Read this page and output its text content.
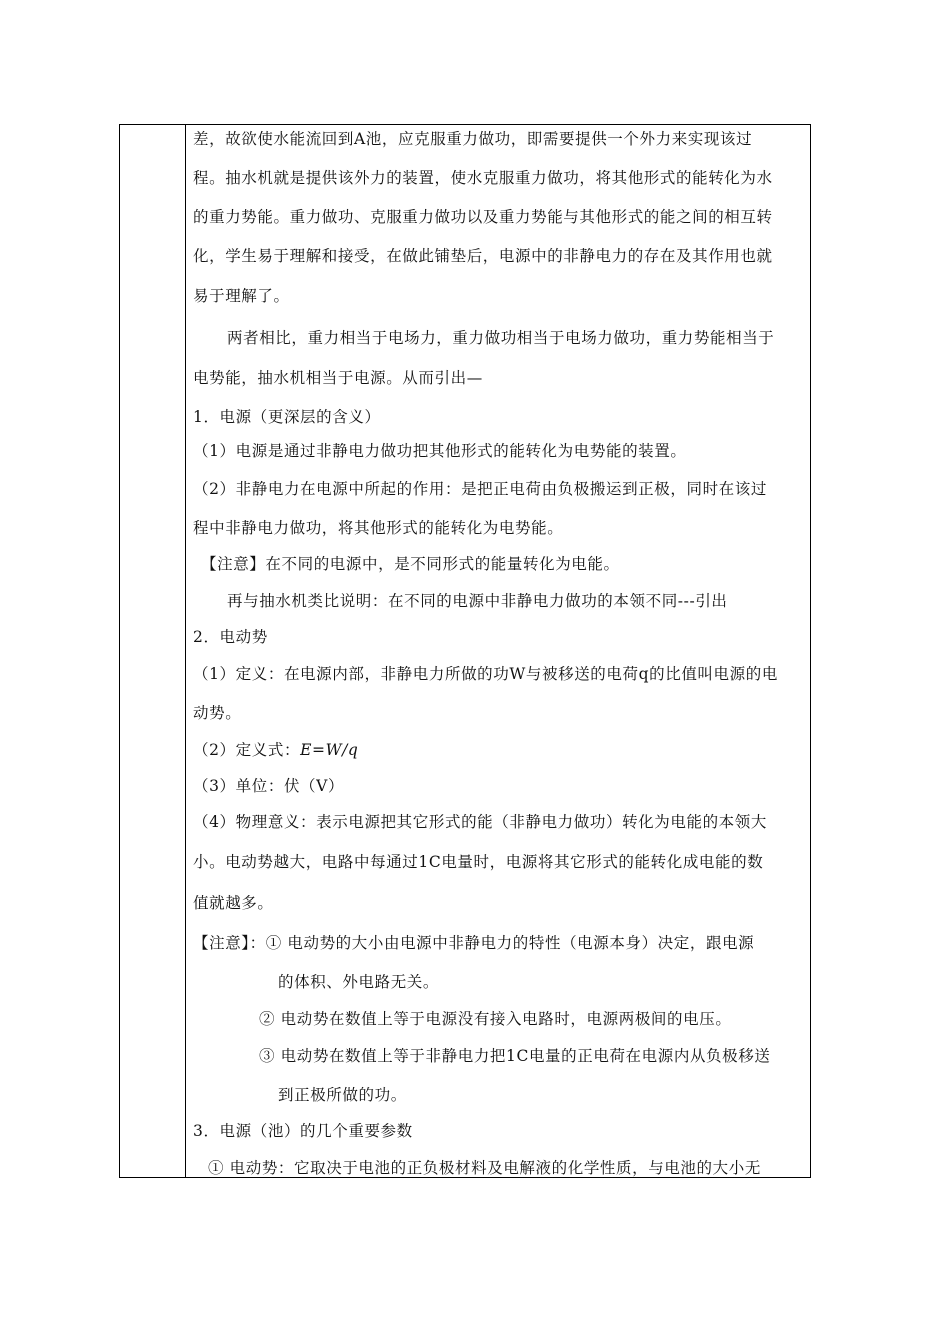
差，故欲使水能流回到A池，应克服重力做功，即需要提供一个外力来实现该过
程。抽水机就是提供该外力的装置，使水克服重力做功，将其他形式的能转化为水
的重力势能。重力做功、克服重力做功以及重力势能与其他形式的能之间的相互转
化，学生易于理解和接受，在做此铺垫后，电源中的非静电力的存在及其作用也就
易于理解了。
两者相比，重力相当于电场力，重力做功相当于电场力做功，重力势能相当于
电势能，抽水机相当于电源。从而引出—
1．电源（更深层的含义）
（1）电源是通过非静电力做功把其他形式的能转化为电势能的装置。
（2）非静电力在电源中所起的作用：是把正电荷由负极搬运到正极，同时在该过
程中非静电力做功，将其他形式的能转化为电势能。
【注意】在不同的电源中，是不同形式的能量转化为电能。
再与抽水机类比说明：在不同的电源中非静电力做功的本领不同---引出
2．电动势
（1）定义：在电源内部，非静电力所做的功W与被移送的电荷q的比值叫电源的电
动势。
（2）定义式：E=W/q
（3）单位：伏（V）
（4）物理意义：表示电源把其它形式的能（非静电力做功）转化为电能的本领大
小。电动势越大，电路中每通过1C电量时，电源将其它形式的能转化成电能的数
值就越多。
【注意】：① 电动势的大小由电源中非静电力的特性（电源本身）决定，跟电源
的体积、外电路无关。
② 电动势在数值上等于电源没有接入电路时，电源两极间的电压。
③ 电动势在数值上等于非静电力把1C电量的正电荷在电源内从负极移送
到正极所做的功。
3．电源（池）的几个重要参数
① 电动势：它取决于电池的正负极材料及电解液的化学性质，与电池的大小无
